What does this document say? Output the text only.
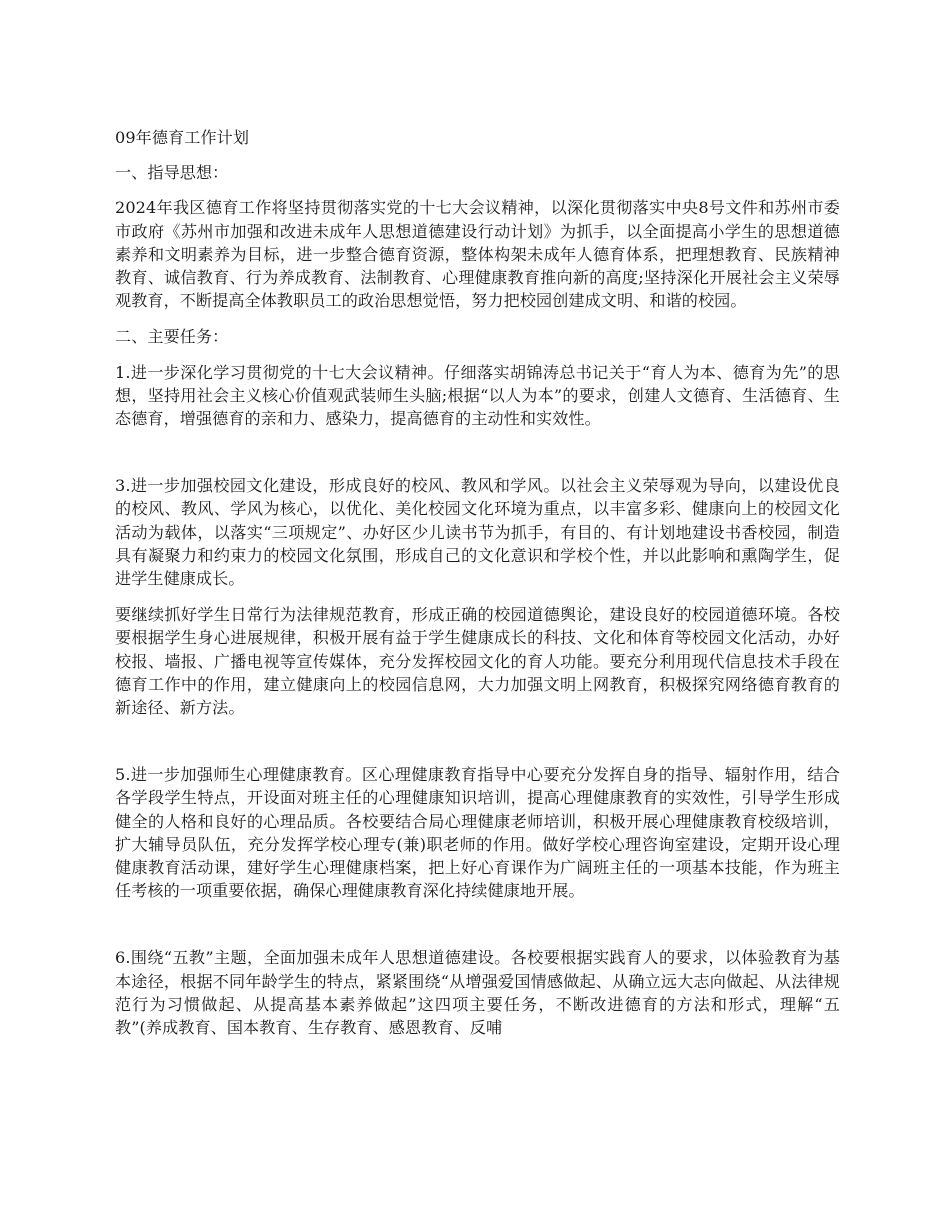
09年德育工作计划

一、指导思想：

2024年我区德育工作将坚持贯彻落实党的十七大会议精神，以深化贯彻落实中央8号文件和苏州市委市政府《苏州市加强和改进未成年人思想道德建设行动计划》为抓手，以全面提高小学生的思想道德素养和文明素养为目标，进一步整合德育资源，整体构架未成年人德育体系，把理想教育、民族精神教育、诚信教育、行为养成教育、法制教育、心理健康教育推向新的高度;坚持深化开展社会主义荣辱观教育，不断提高全体教职员工的政治思想觉悟，努力把校园创建成文明、和谐的校园。

二、主要任务：

1.进一步深化学习贯彻党的十七大会议精神。仔细落实胡锦涛总书记关于“育人为本、德育为先”的思想，坚持用社会主义核心价值观武装师生头脑;根据“以人为本”的要求，创建人文德育、生活德育、生态德育，增强德育的亲和力、感染力，提高德育的主动性和实效性。

3.进一步加强校园文化建设，形成良好的校风、教风和学风。以社会主义荣辱观为导向，以建设优良的校风、教风、学风为核心，以优化、美化校园文化环境为重点，以丰富多彩、健康向上的校园文化活动为载体，以落实“三项规定”、办好区少儿读书节为抓手，有目的、有计划地建设书香校园，制造具有凝聚力和约束力的校园文化氛围，形成自己的文化意识和学校个性，并以此影响和熏陶学生，促进学生健康成长。

要继续抓好学生日常行为法律规范教育，形成正确的校园道德舆论，建设良好的校园道德环境。各校要根据学生身心进展规律，积极开展有益于学生健康成长的科技、文化和体育等校园文化活动，办好校报、墙报、广播电视等宣传媒体，充分发挥校园文化的育人功能。要充分利用现代信息技术手段在德育工作中的作用，建立健康向上的校园信息网，大力加强文明上网教育，积极探究网络德育教育的新途径、新方法。

5.进一步加强师生心理健康教育。区心理健康教育指导中心要充分发挥自身的指导、辐射作用，结合各学段学生特点，开设面对班主任的心理健康知识培训，提高心理健康教育的实效性，引导学生形成健全的人格和良好的心理品质。各校要结合局心理健康老师培训，积极开展心理健康教育校级培训，扩大辅导员队伍，充分发挥学校心理专(兼)职老师的作用。做好学校心理咨询室建设，定期开设心理健康教育活动课，建好学生心理健康档案，把上好心育课作为广阔班主任的一项基本技能，作为班主任考核的一项重要依据，确保心理健康教育深化持续健康地开展。

6.围绕“五教”主题，全面加强未成年人思想道德建设。各校要根据实践育人的要求，以体验教育为基本途径，根据不同年龄学生的特点，紧紧围绕“从增强爱国情感做起、从确立远大志向做起、从法律规范行为习惯做起、从提高基本素养做起”这四项主要任务，不断改进德育的方法和形式，理解“五教”(养成教育、国本教育、生存教育、感恩教育、反哺
